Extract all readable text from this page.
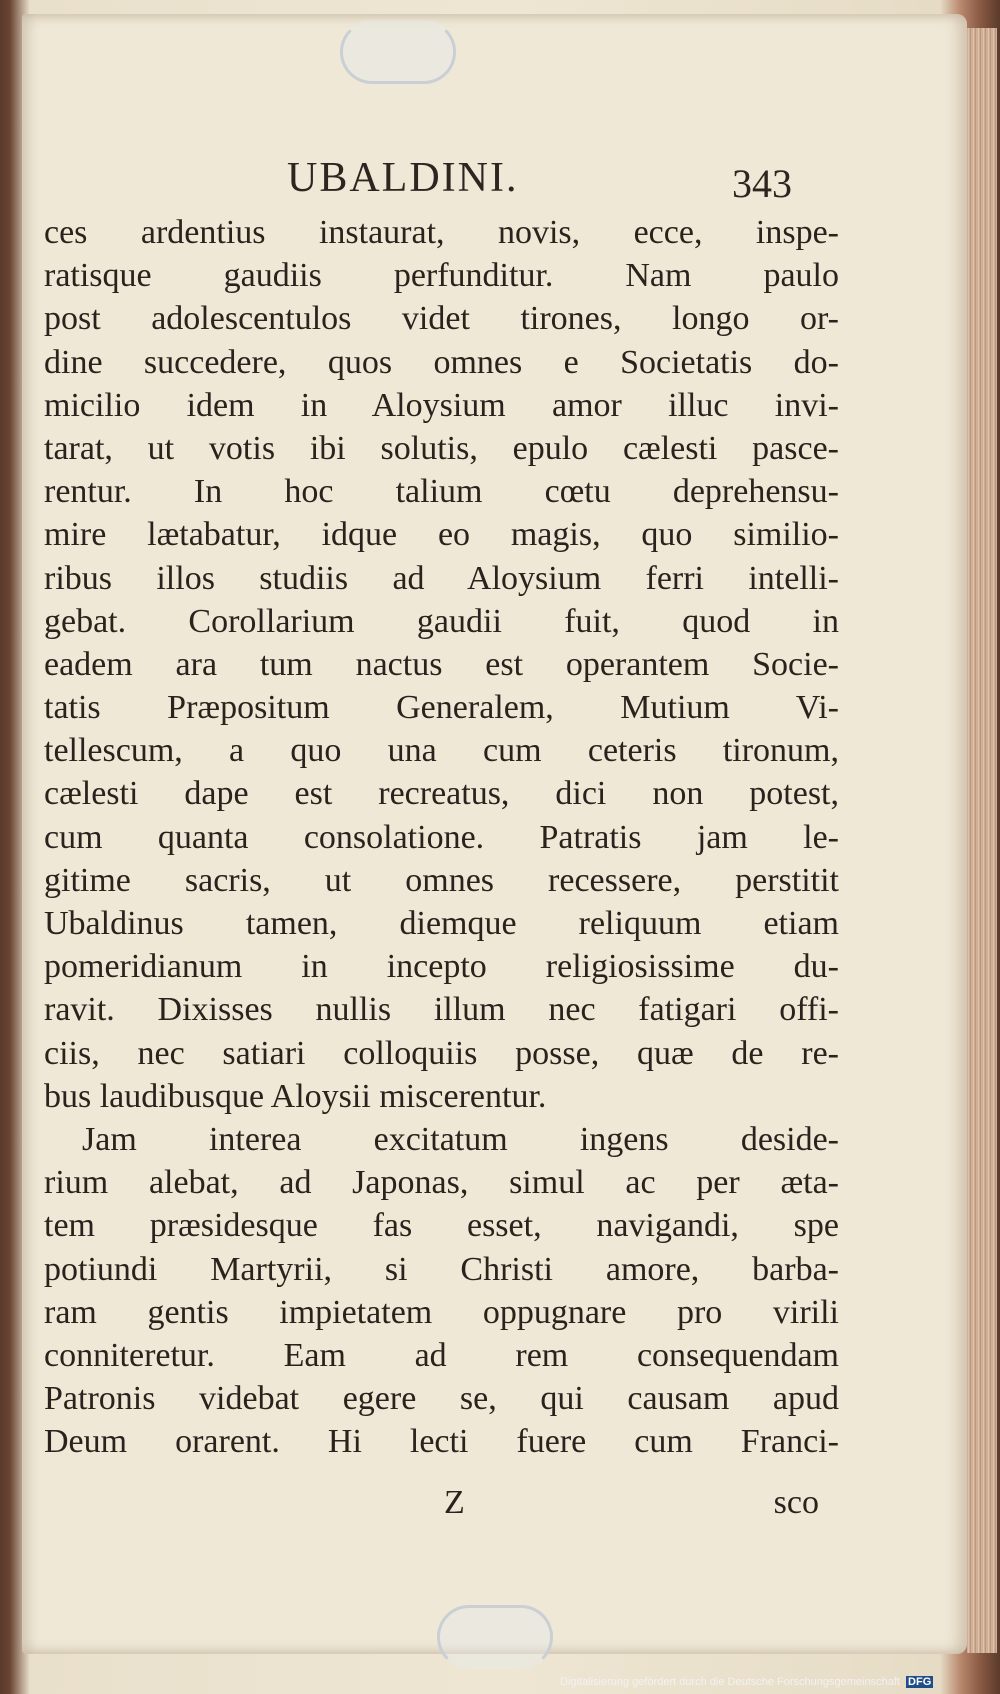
UBALDINI.	343
ces ardentius instaurat, novis, ecce, inspe-
ratisque gaudiis perfunditur. Nam paulo
post adolescentulos videt tirones, longo or-
dine succedere, quos omnes e Societatis do-
micilio idem in Aloysium amor illuc invi-
tarat, ut votis ibi solutis, epulo cælesti pasce-
rentur. In hoc talium cœtu deprehensu-
mire lætabatur, idque eo magis, quo similio-
ribus illos studiis ad Aloysium ferri intelli-
gebat. Corollarium gaudii fuit, quod in
eadem ara tum nactus est operantem Socie-
tatis Præpositum Generalem, Mutium Vi-
tellescum, a quo una cum ceteris tironum,
cælesti dape est recreatus, dici non potest,
cum quanta consolatione. Patratis jam le-
gitime sacris, ut omnes recessere, perstitit
Ubaldinus tamen, diemque reliquum etiam
pomeridianum in incepto religiosissime du-
ravit. Dixisses nullis illum nec fatigari offi-
ciis, nec satiari colloquiis posse, quæ de re-
bus laudibusque Aloysii miscerentur.
Jam interea excitatum ingens deside-
rium alebat, ad Japonas, simul ac per æta-
tem præsidesque fas esset, navigandi, spe
potiundi Martyrii, si Christi amore, barba-
ram gentis impietatem oppugnare pro virili
conniteretur. Eam ad rem consequendam
Patronis videbat egere se, qui causam apud
Deum orarent. Hi lecti fuere cum Franci-
Z	sco
Digitalisierung gefördert durch die Deutsche Forschungsgemeinschaft DFG
